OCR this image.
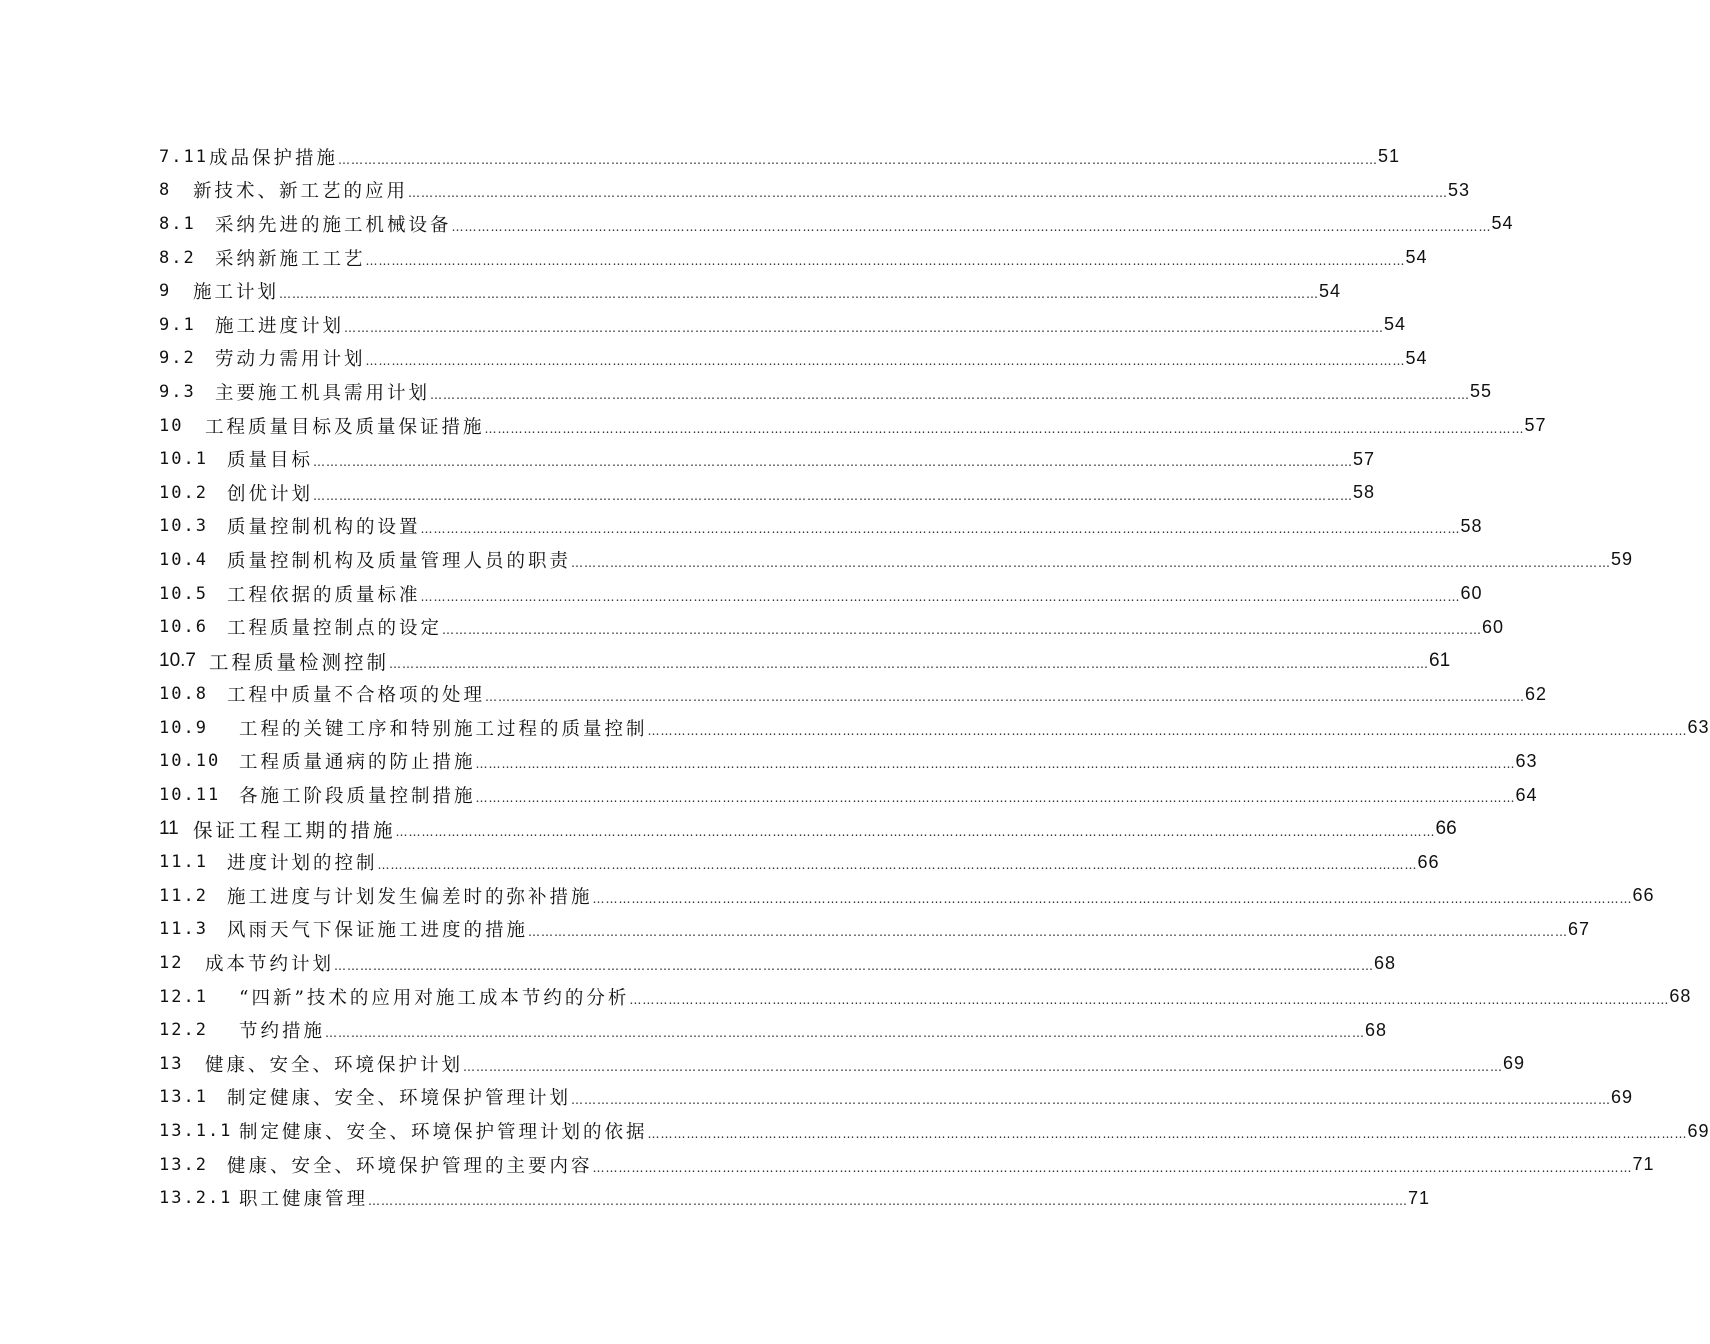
7.11 成品保护措施 …………………………………………………………………………………………………………………………………………………………………………………………………………………… 51
8	新技术、新工艺的应用 …………………………………………………………………………………………………………………………………………………………………………………………………………………… 53
8.1	采纳先进的施工机械设备 …………………………………………………………………………………………………………………………………………………………………………………………………………………… 54
8.2	采纳新施工工艺 …………………………………………………………………………………………………………………………………………………………………………………………………………………… 54
9	施工计划 …………………………………………………………………………………………………………………………………………………………………………………………………………………… 54
9.1	施工进度计划 …………………………………………………………………………………………………………………………………………………………………………………………………………………… 54
9.2	劳动力需用计划 …………………………………………………………………………………………………………………………………………………………………………………………………………………… 54
9.3	主要施工机具需用计划 …………………………………………………………………………………………………………………………………………………………………………………………………………………… 55
10	工程质量目标及质量保证措施 …………………………………………………………………………………………………………………………………………………………………………………………………………………… 57
10.1	质量目标 …………………………………………………………………………………………………………………………………………………………………………………………………………………… 57
10.2	创优计划 …………………………………………………………………………………………………………………………………………………………………………………………………………………… 58
10.3	质量控制机构的设置 …………………………………………………………………………………………………………………………………………………………………………………………………………………… 58
10.4	质量控制机构及质量管理人员的职责 …………………………………………………………………………………………………………………………………………………………………………………………………………………… 59
10.5	工程依据的质量标准 …………………………………………………………………………………………………………………………………………………………………………………………………………………… 60
10.6	工程质量控制点的设定 …………………………………………………………………………………………………………………………………………………………………………………………………………………… 60
10.7 工程质量检测控制 …………………………………………………………………………………………………………………………………………………………………………………………………………………… 61
10.8	工程中质量不合格项的处理 …………………………………………………………………………………………………………………………………………………………………………………………………………………… 62
10.9	工程的关键工序和特别施工过程的质量控制 …………………………………………………………………………………………………………………………………………………………………………………………………………………… 63
10.10	工程质量通病的防止措施 …………………………………………………………………………………………………………………………………………………………………………………………………………………… 63
10.11	各施工阶段质量控制措施 …………………………………………………………………………………………………………………………………………………………………………………………………………………… 64
11 保证工程工期的措施 …………………………………………………………………………………………………………………………………………………………………………………………………………………… 66
11.1	进度计划的控制 …………………………………………………………………………………………………………………………………………………………………………………………………………………… 66
11.2	施工进度与计划发生偏差时的弥补措施 …………………………………………………………………………………………………………………………………………………………………………………………………………………… 66
11.3	风雨天气下保证施工进度的措施 …………………………………………………………………………………………………………………………………………………………………………………………………………………… 67
12	成本节约计划 …………………………………………………………………………………………………………………………………………………………………………………………………………………… 68
12.1	“四新”技术的应用对施工成本节约的分析 …………………………………………………………………………………………………………………………………………………………………………………………………………………… 68
12.2	节约措施 …………………………………………………………………………………………………………………………………………………………………………………………………………………… 68
13	健康、安全、环境保护计划 …………………………………………………………………………………………………………………………………………………………………………………………………………………… 69
13.1	制定健康、安全、环境保护管理计划 …………………………………………………………………………………………………………………………………………………………………………………………………………………… 69
13.1.1 制定健康、安全、环境保护管理计划的依据 …………………………………………………………………………………………………………………………………………………………………………………………………………………… 69
13.2	健康、安全、环境保护管理的主要内容 …………………………………………………………………………………………………………………………………………………………………………………………………………………… 71
13.2.1 职工健康管理 …………………………………………………………………………………………………………………………………………………………………………………………………………………… 71
